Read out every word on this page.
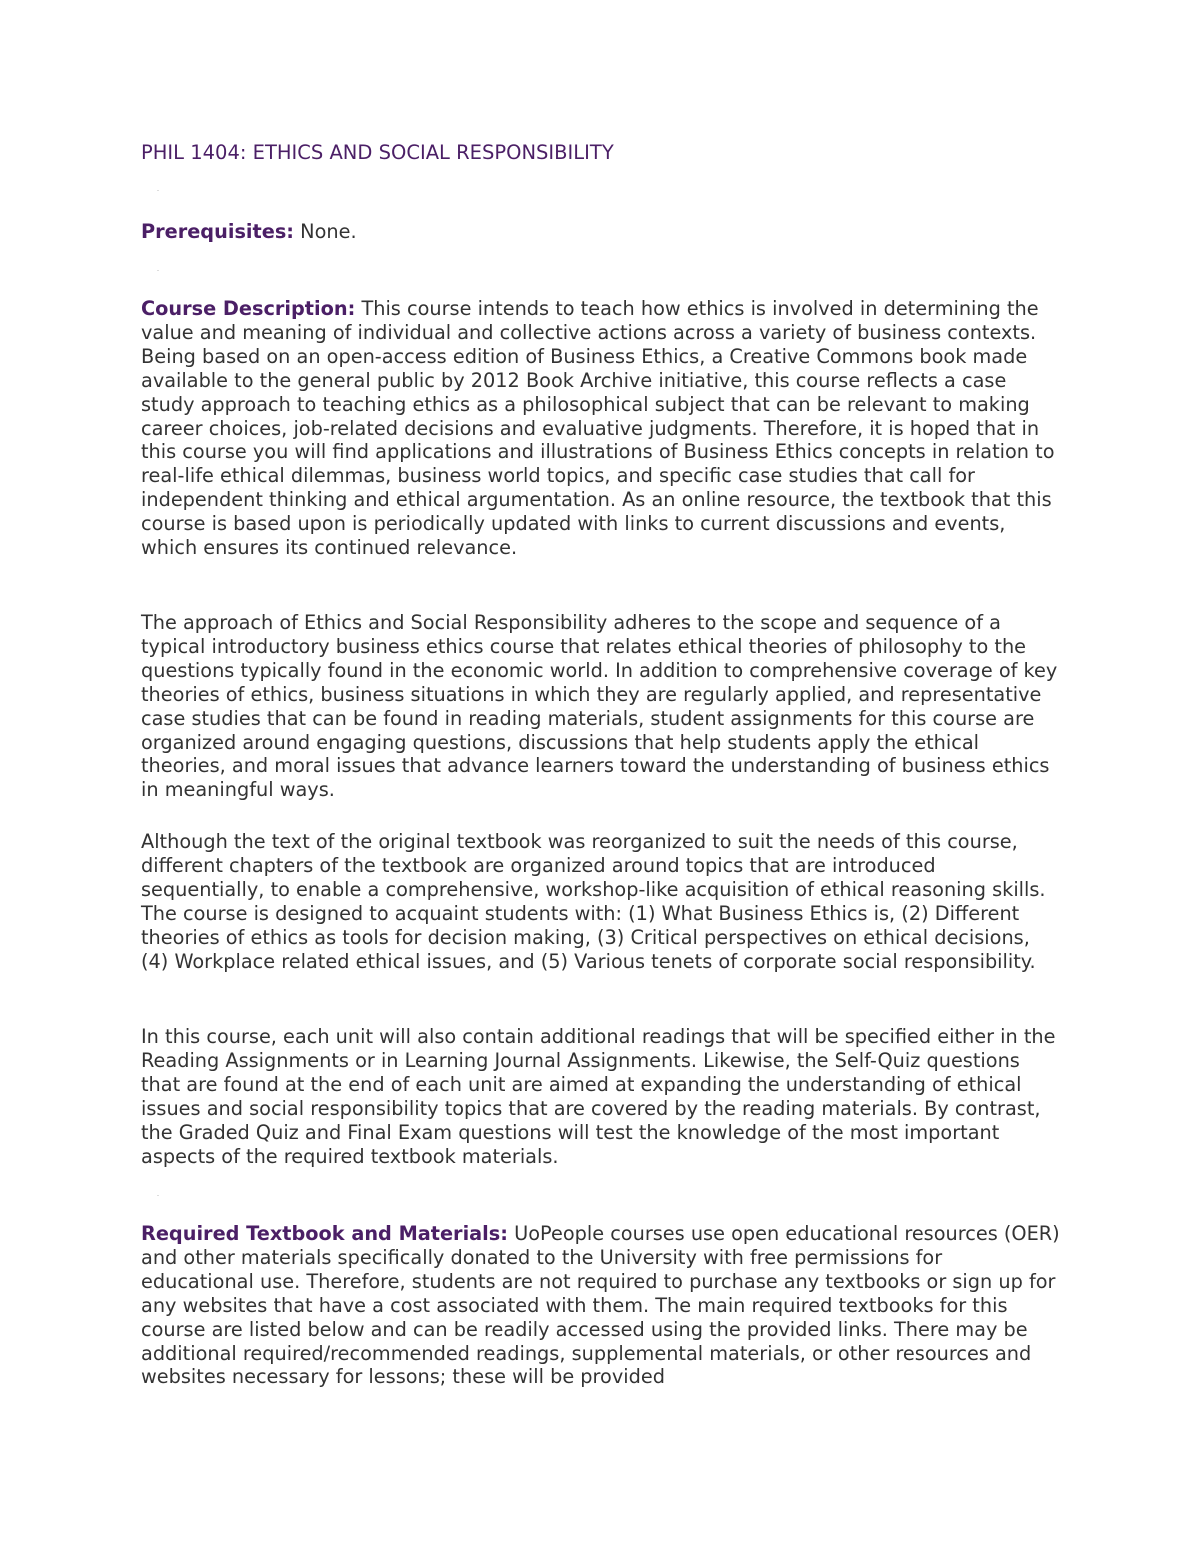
PHIL 1404: ETHICS AND SOCIAL RESPONSIBILITY

Prerequisites: None.

Course Description: This course intends to teach how ethics is involved in determining the value and meaning of individual and collective actions across a variety of business contexts. Being based on an open-access edition of Business Ethics, a Creative Commons book made available to the general public by 2012 Book Archive initiative, this course reflects a case study approach to teaching ethics as a philosophical subject that can be relevant to making career choices, job-related decisions and evaluative judgments. Therefore, it is hoped that in this course you will find applications and illustrations of Business Ethics concepts in relation to real-life ethical dilemmas, business world topics, and specific case studies that call for independent thinking and ethical argumentation. As an online resource, the textbook that this course is based upon is periodically updated with links to current discussions and events, which ensures its continued relevance.

The approach of Ethics and Social Responsibility adheres to the scope and sequence of a typical introductory business ethics course that relates ethical theories of philosophy to the questions typically found in the economic world. In addition to comprehensive coverage of key theories of ethics, business situations in which they are regularly applied, and representative case studies that can be found in reading materials, student assignments for this course are organized around engaging questions, discussions that help students apply the ethical theories, and moral issues that advance learners toward the understanding of business ethics in meaningful ways.

Although the text of the original textbook was reorganized to suit the needs of this course, different chapters of the textbook are organized around topics that are introduced sequentially, to enable a comprehensive, workshop-like acquisition of ethical reasoning skills. The course is designed to acquaint students with: (1) What Business Ethics is, (2) Different theories of ethics as tools for decision making, (3) Critical perspectives on ethical decisions, (4) Workplace related ethical issues, and (5) Various tenets of corporate social responsibility.

In this course, each unit will also contain additional readings that will be specified either in the Reading Assignments or in Learning Journal Assignments. Likewise, the Self-Quiz questions that are found at the end of each unit are aimed at expanding the understanding of ethical issues and social responsibility topics that are covered by the reading materials. By contrast, the Graded Quiz and Final Exam questions will test the knowledge of the most important aspects of the required textbook materials.

Required Textbook and Materials: UoPeople courses use open educational resources (OER) and other materials specifically donated to the University with free permissions for educational use. Therefore, students are not required to purchase any textbooks or sign up for any websites that have a cost associated with them. The main required textbooks for this course are listed below and can be readily accessed using the provided links. There may be additional required/recommended readings, supplemental materials, or other resources and websites necessary for lessons; these will be provided
